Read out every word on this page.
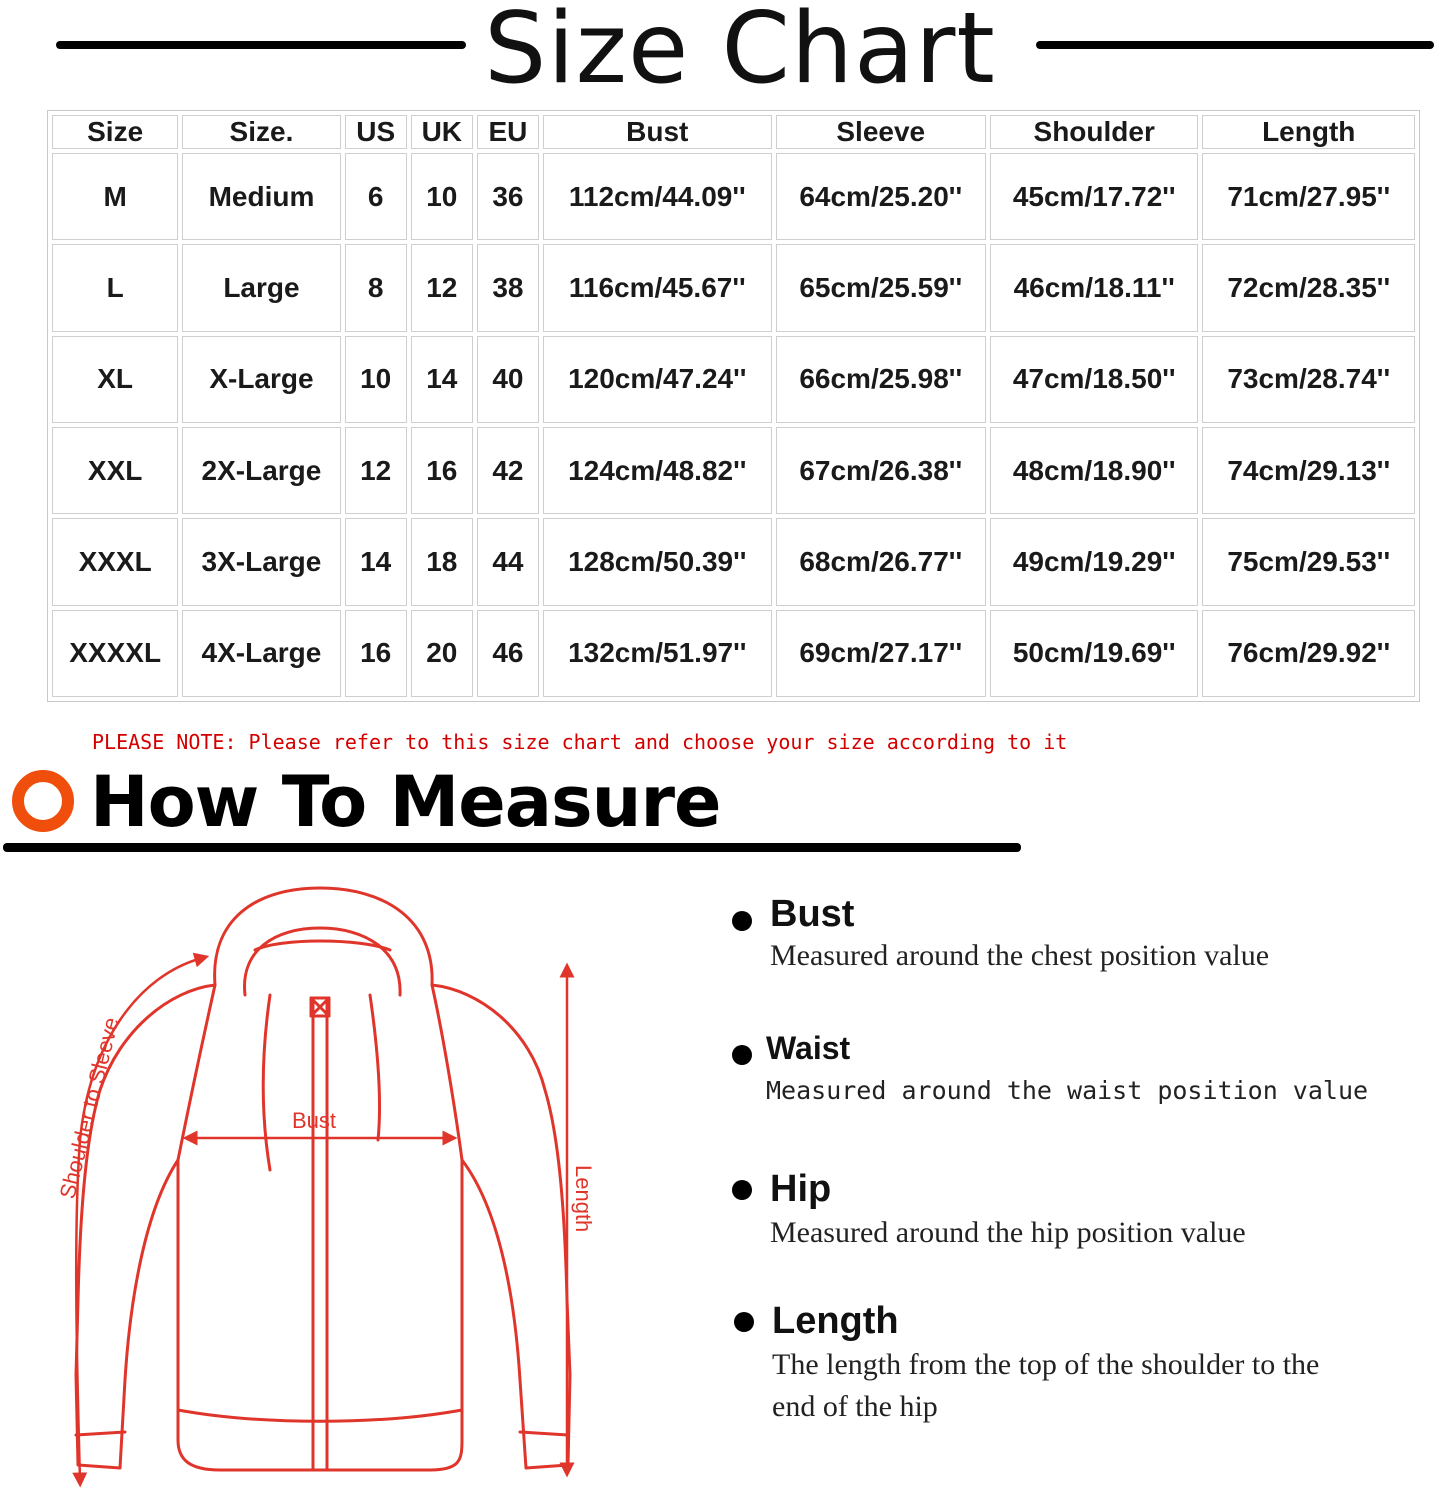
Size Chart
Size	Size.	US	UK	EU	Bust	Sleeve	Shoulder	Length
M	Medium	6	10	36	112cm/44.09''	64cm/25.20''	45cm/17.72''	71cm/27.95''
L	Large	8	12	38	116cm/45.67''	65cm/25.59''	46cm/18.11''	72cm/28.35''
XL	X-Large	10	14	40	120cm/47.24''	66cm/25.98''	47cm/18.50''	73cm/28.74''
XXL	2X-Large	12	16	42	124cm/48.82''	67cm/26.38''	48cm/18.90''	74cm/29.13''
XXXL	3X-Large	14	18	44	128cm/50.39''	68cm/26.77''	49cm/19.29''	75cm/29.53''
XXXXL	4X-Large	16	20	46	132cm/51.97''	69cm/27.17''	50cm/19.69''	76cm/29.92''
PLEASE NOTE: Please refer to this size chart and choose your size according to it
How To Measure
Bust
Length
Shoulder to Sleeve
Bust
Measured around the chest position value
Waist
Measured around the waist position value
Hip
Measured around the hip position value
Length
The length from the top of the shoulder to the end of the hip
